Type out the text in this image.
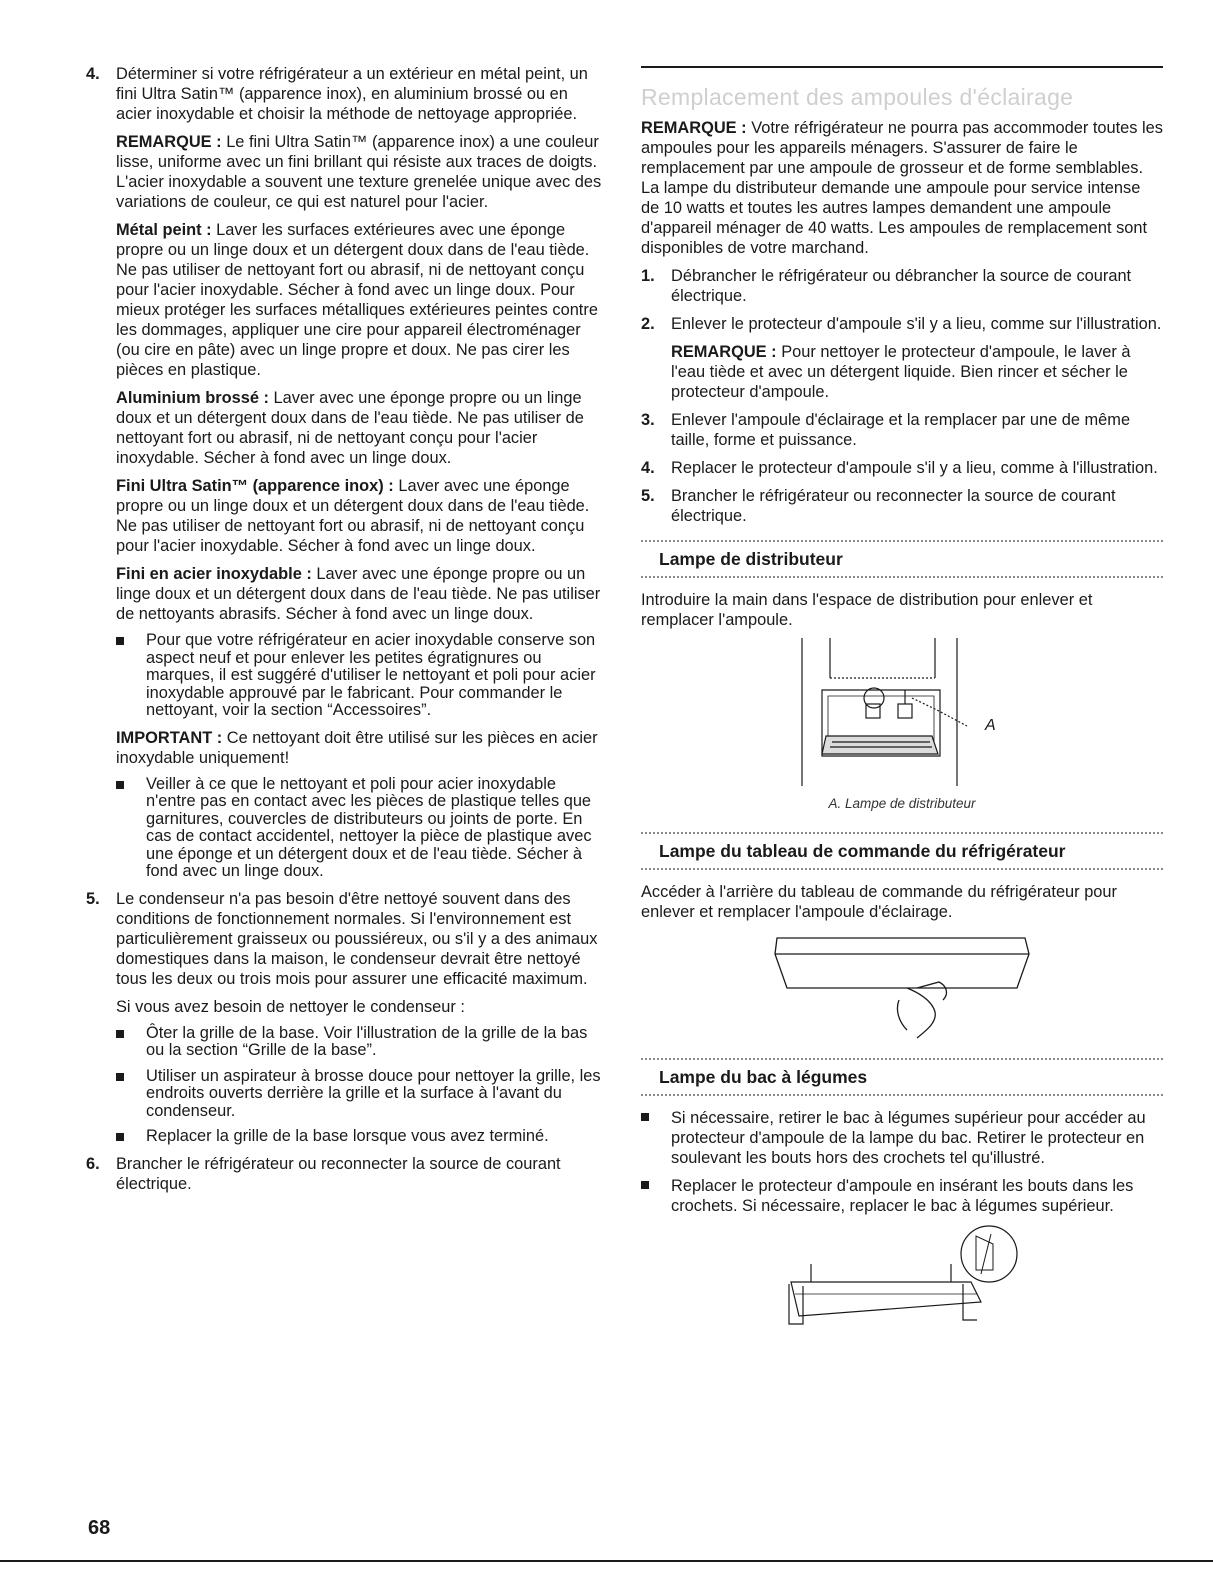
4. Déterminer si votre réfrigérateur a un extérieur en métal peint, un fini Ultra Satin™ (apparence inox), en aluminium brossé ou en acier inoxydable et choisir la méthode de nettoyage appropriée.

REMARQUE : Le fini Ultra Satin™ (apparence inox) a une couleur lisse, uniforme avec un fini brillant qui résiste aux traces de doigts. L'acier inoxydable a souvent une texture grenelée unique avec des variations de couleur, ce qui est naturel pour l'acier.

Métal peint : Laver les surfaces extérieures avec une éponge propre ou un linge doux et un détergent doux dans de l'eau tiède. Ne pas utiliser de nettoyant fort ou abrasif, ni de nettoyant conçu pour l'acier inoxydable. Sécher à fond avec un linge doux. Pour mieux protéger les surfaces métalliques extérieures peintes contre les dommages, appliquer une cire pour appareil électroménager (ou cire en pâte) avec un linge propre et doux. Ne pas cirer les pièces en plastique.

Aluminium brossé : Laver avec une éponge propre ou un linge doux et un détergent doux dans de l'eau tiède. Ne pas utiliser de nettoyant fort ou abrasif, ni de nettoyant conçu pour l'acier inoxydable. Sécher à fond avec un linge doux.

Fini Ultra Satin™ (apparence inox) : Laver avec une éponge propre ou un linge doux et un détergent doux dans de l'eau tiède. Ne pas utiliser de nettoyant fort ou abrasif, ni de nettoyant conçu pour l'acier inoxydable. Sécher à fond avec un linge doux.

Fini en acier inoxydable : Laver avec une éponge propre ou un linge doux et un détergent doux dans de l'eau tiède. Ne pas utiliser de nettoyants abrasifs. Sécher à fond avec un linge doux.

Pour que votre réfrigérateur en acier inoxydable conserve son aspect neuf et pour enlever les petites égratignures ou marques, il est suggéré d'utiliser le nettoyant et poli pour acier inoxydable approuvé par le fabricant. Pour commander le nettoyant, voir la section “Accessoires”.

IMPORTANT : Ce nettoyant doit être utilisé sur les pièces en acier inoxydable uniquement!

Veiller à ce que le nettoyant et poli pour acier inoxydable n'entre pas en contact avec les pièces de plastique telles que garnitures, couvercles de distributeurs ou joints de porte. En cas de contact accidentel, nettoyer la pièce de plastique avec une éponge et un détergent doux et de l'eau tiède. Sécher à fond avec un linge doux.
5. Le condenseur n'a pas besoin d'être nettoyé souvent dans des conditions de fonctionnement normales. Si l'environnement est particulièrement graisseux ou poussiéreux, ou s'il y a des animaux domestiques dans la maison, le condenseur devrait être nettoyé tous les deux ou trois mois pour assurer une efficacité maximum.

Si vous avez besoin de nettoyer le condenseur :

Ôter la grille de la base. Voir l'illustration de la grille de la bas ou la section “Grille de la base”.
Utiliser un aspirateur à brosse douce pour nettoyer la grille, les endroits ouverts derrière la grille et la surface à l'avant du condenseur.
Replacer la grille de la base lorsque vous avez terminé.
6. Brancher le réfrigérateur ou reconnecter la source de courant électrique.

Remplacement des ampoules d'éclairage

REMARQUE : Votre réfrigérateur ne pourra pas accommoder toutes les ampoules pour les appareils ménagers. S'assurer de faire le remplacement par une ampoule de grosseur et de forme semblables. La lampe du distributeur demande une ampoule pour service intense de 10 watts et toutes les autres lampes demandent une ampoule d'appareil ménager de 40 watts. Les ampoules de remplacement sont disponibles de votre marchand.

1. Débrancher le réfrigérateur ou débrancher la source de courant électrique.

2. Enlever le protecteur d'ampoule s'il y a lieu, comme sur l'illustration.

REMARQUE : Pour nettoyer le protecteur d'ampoule, le laver à l'eau tiède et avec un détergent liquide. Bien rincer et sécher le protecteur d'ampoule.

3. Enlever l'ampoule d'éclairage et la remplacer par une de même taille, forme et puissance.

4. Replacer le protecteur d'ampoule s'il y a lieu, comme à l'illustration.

5. Brancher le réfrigérateur ou reconnecter la source de courant électrique.

Lampe de distributeur

Introduire la main dans l'espace de distribution pour enlever et remplacer l'ampoule.

A

A. Lampe de distributeur

Lampe du tableau de commande du réfrigérateur

Accéder à l'arrière du tableau de commande du réfrigérateur pour enlever et remplacer l'ampoule d'éclairage.

Lampe du bac à légumes
Si nécessaire, retirer le bac à légumes supérieur pour accéder au protecteur d'ampoule de la lampe du bac. Retirer le protecteur en soulevant les bouts hors des crochets tel qu'illustré.
Replacer le protecteur d'ampoule en insérant les bouts dans les crochets. Si nécessaire, replacer le bac à légumes supérieur.
68
